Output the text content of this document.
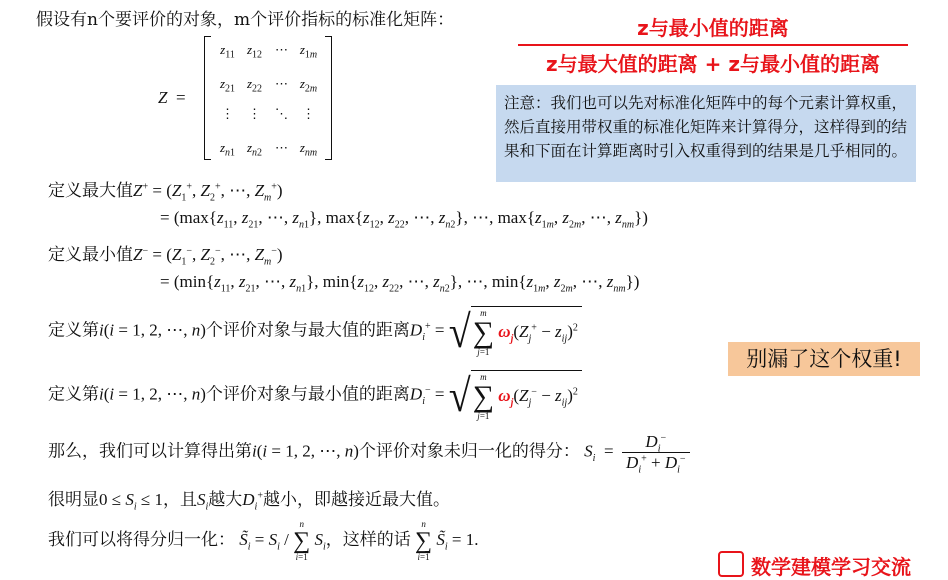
假设有n个要评价的对象，m个评价指标的标准化矩阵：
Z  =
$z_{11}$ $z_{12}$ ⋯ $z_{1m}$
$z_{21}$ $z_{22}$ ⋯ $z_{2m}$
⋮	⋮	⋱	⋮
$z_{n1}$ $z_{n2}$ ⋯ $z_{nm}$
z与最小值的距离
z与最大值的距离 + z与最小值的距离
注意：我们也可以先对标准化矩阵中的每个元素计算权重，然后直接用带权重的标准化矩阵来计算得分，这样得到的结果和下面在计算距离时引入权重得到的结果是几乎相同的。
定义最大值$Z^+ = (Z_1^+$, $Z_2^+$, ⋯, $Z_m^+$)
= ($\max\{z_{11}$, $z_{21}$, ⋯, $z_{n1}$}, $\max\{z_{12}$, $z_{22}$, ⋯, $z_{n2}$}, ⋯, $\max\{z_{1m}$, $z_{2m}$, ⋯, $z_{nm}$})
定义最小值$Z^- = (Z_1^-$, $Z_2^-$, ⋯, $Z_m^-$)
= ($\min\{z_{11}$, $z_{21}$, ⋯, $z_{n1}$}, $\min\{z_{12}$, $z_{22}$, ⋯, $z_{n2}$}, ⋯, $\min\{z_{1m}$, $z_{2m}$, ⋯, $z_{nm}$})
定义第i(i = 1, 2, ⋯, n)个评价对象与最大值的距离$D_i^+$ = √	m
∑
j=1
$\omega_j(Z_j^+ - z_{ij})^2$
别漏了这个权重!
定义第i(i = 1, 2, ⋯, n)个评价对象与最小值的距离$D_i^-$ = √	m
∑
j=1
$\omega_j(Z_j^- - z_{ij})^2$
那么，我们可以计算得出第i(i = 1, 2, ⋯, n)个评价对象未归一化的得分： $S_i = \frac{D_i^-}{D_i^+ + D_i^-}$
很明显$0 \le S_i \le 1$，且$S_i$越大$D_i^+$越小，即越接近最大值。
我们可以将得分归一化： $S̃_i = S_i$ /
n
∑
i=1
$S_i$，这样的话
n
∑
i=1
$S̃_i = 1$.
数学建模学习交流
